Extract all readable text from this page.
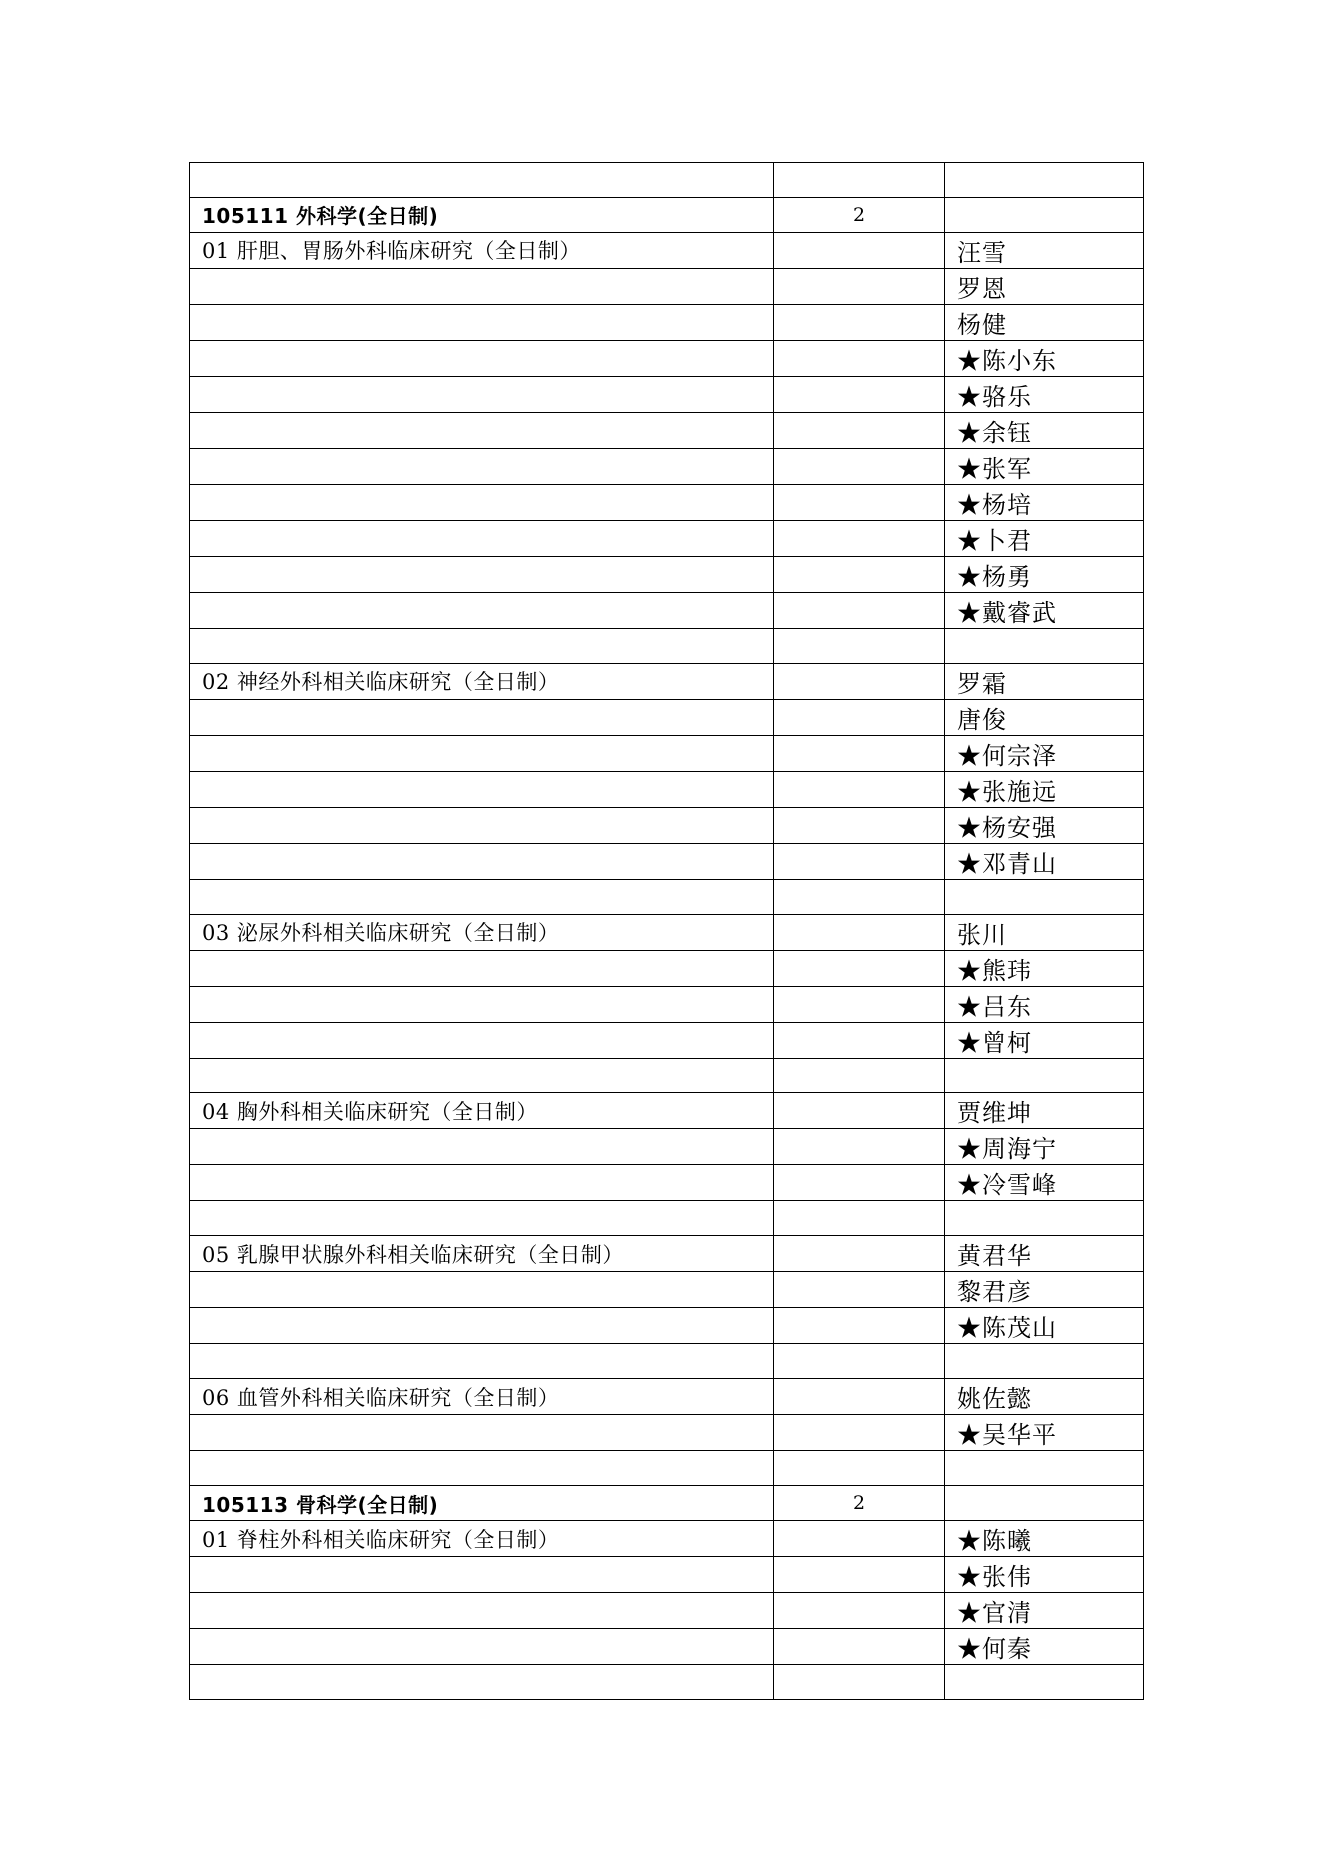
105111 外科学(全日制)	2	
01 肝胆、胃肠外科临床研究（全日制）		汪雪
		罗恩
		杨健
		★陈小东
		★骆乐
		★余钰
		★张军
		★杨培
		★卜君
		★杨勇
		★戴睿武

02 神经外科相关临床研究（全日制）		罗霜
		唐俊
		★何宗泽
		★张施远
		★杨安强
		★邓青山

03 泌尿外科相关临床研究（全日制）		张川
		★熊玮
		★吕东
		★曾柯

04 胸外科相关临床研究（全日制）		贾维坤
		★周海宁
		★冷雪峰

05 乳腺甲状腺外科相关临床研究（全日制）		黄君华
		黎君彦
		★陈茂山

06 血管外科相关临床研究（全日制）		姚佐懿
		★吴华平

105113 骨科学(全日制)	2	
01 脊柱外科相关临床研究（全日制）		★陈曦
		★张伟
		★官清
		★何秦
